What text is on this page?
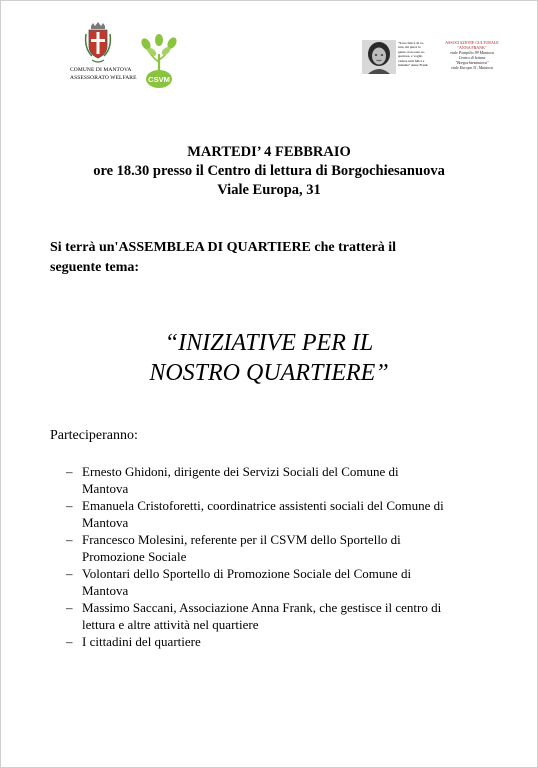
COMUNE DI MANTOVA
ASSESSORATO WELFARE CSVM
"Sono felice di ca-
tura, mi piace la
gente, non sono so-
spettosa, e voglio
vedere tutti felici e
insieme" Anne Frank
ASSOCIAZIONE CULTURALE
"ANNA FRANK"
viale Pompilio 99 Mantova
Centro di lettura "Borgochiesanuova"
viale Europa 31, Mantova
MARTEDI’ 4 FEBBRAIO
ore 18.30 presso il Centro di lettura di Borgochiesanuova
Viale Europa, 31
Si terrà un'ASSEMBLEA DI QUARTIERE che tratterà il
seguente tema:
“INIZIATIVE PER IL
NOSTRO QUARTIERE”
Parteciperanno:
– Ernesto Ghidoni, dirigente dei Servizi Sociali del Comune di
Mantova
– Emanuela Cristoforetti, coordinatrice assistenti sociali del Comune di
Mantova
– Francesco Molesini, referente per il CSVM dello Sportello di
Promozione Sociale
– Volontari dello Sportello di Promozione Sociale del Comune di
Mantova
– Massimo Saccani, Associazione Anna Frank, che gestisce il centro di
lettura e altre attività nel quartiere
– I cittadini del quartiere
